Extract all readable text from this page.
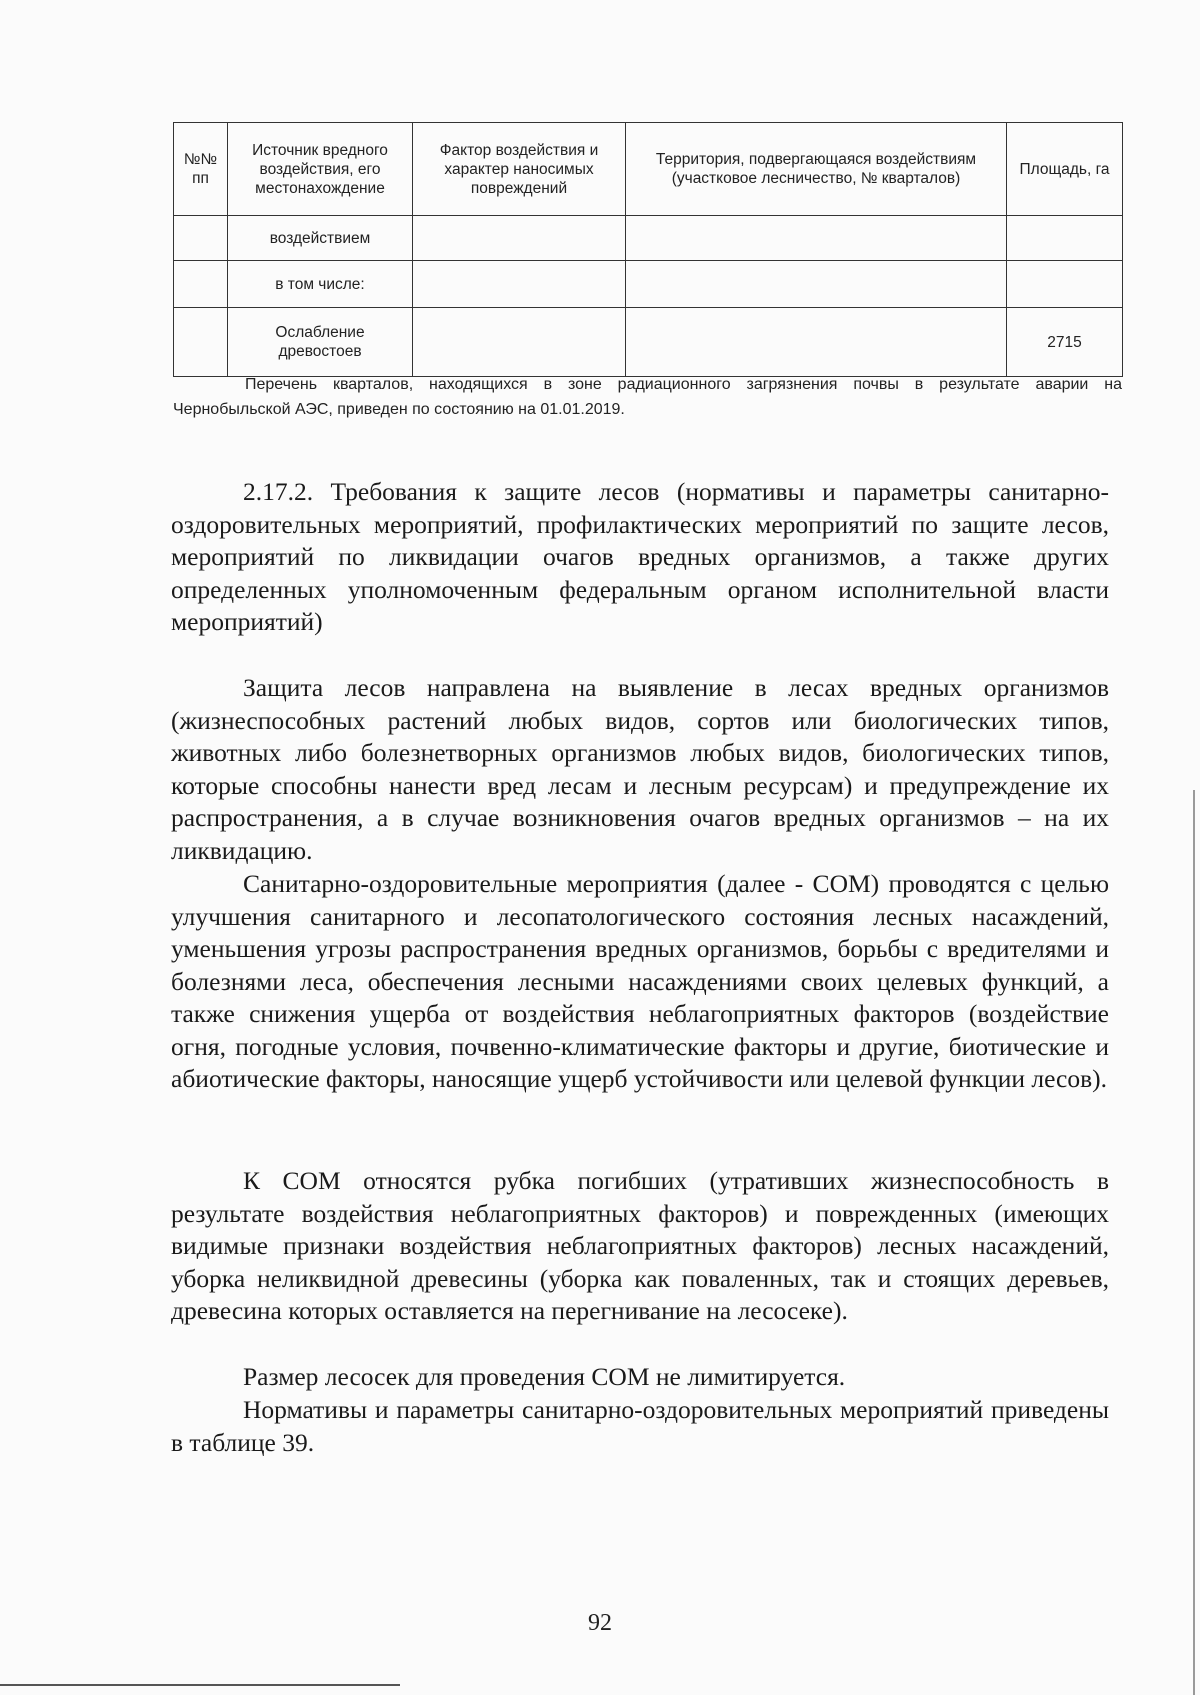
№№ пп	Источник вредного воздействия, его местонахождение	Фактор воздействия и характер наносимых повреждений	Территория, подвергающаяся воздействиям (участковое лесничество, № кварталов)	Площадь, га
	воздействием			
	в том числе:			
	Ослабление древостоев			2715
Перечень кварталов, находящихся в зоне радиационного загрязнения почвы в результате аварии на
Чернобыльской АЭС, приведен по состоянию на 01.01.2019.

2.17.2. Требования к защите лесов (нормативы и параметры санитарно-оздоровительных мероприятий, профилактических мероприятий по защите лесов, мероприятий по ликвидации очагов вредных организмов, а также других определенных уполномоченным федеральным органом исполнительной власти мероприятий)

Защита лесов направлена на выявление в лесах вредных организмов (жизнеспособных растений любых видов, сортов или биологических типов, животных либо болезнетворных организмов любых видов, биологических типов, которые способны нанести вред лесам и лесным ресурсам) и предупреждение их распространения, а в случае возникновения очагов вредных организмов – на их ликвидацию.

Санитарно-оздоровительные мероприятия (далее - СОМ) проводятся с целью улучшения санитарного и лесопатологического состояния лесных насаждений, уменьшения угрозы распространения вредных организмов, борьбы с вредителями и болезнями леса, обеспечения лесными насаждениями своих целевых функций, а также снижения ущерба от воздействия неблагоприятных факторов (воздействие огня, погодные условия, почвенно-климатические факторы и другие, биотические и абиотические факторы, наносящие ущерб устойчивости или целевой функции лесов).

К СОМ относятся рубка погибших (утративших жизнеспособность в результате воздействия неблагоприятных факторов) и поврежденных (имеющих видимые признаки воздействия неблагоприятных факторов) лесных насаждений, уборка неликвидной древесины (уборка как поваленных, так и стоящих деревьев, древесина которых оставляется на перегнивание на лесосеке).

Размер лесосек для проведения СОМ не лимитируется.

Нормативы и параметры санитарно-оздоровительных мероприятий приведены в таблице 39.

92
